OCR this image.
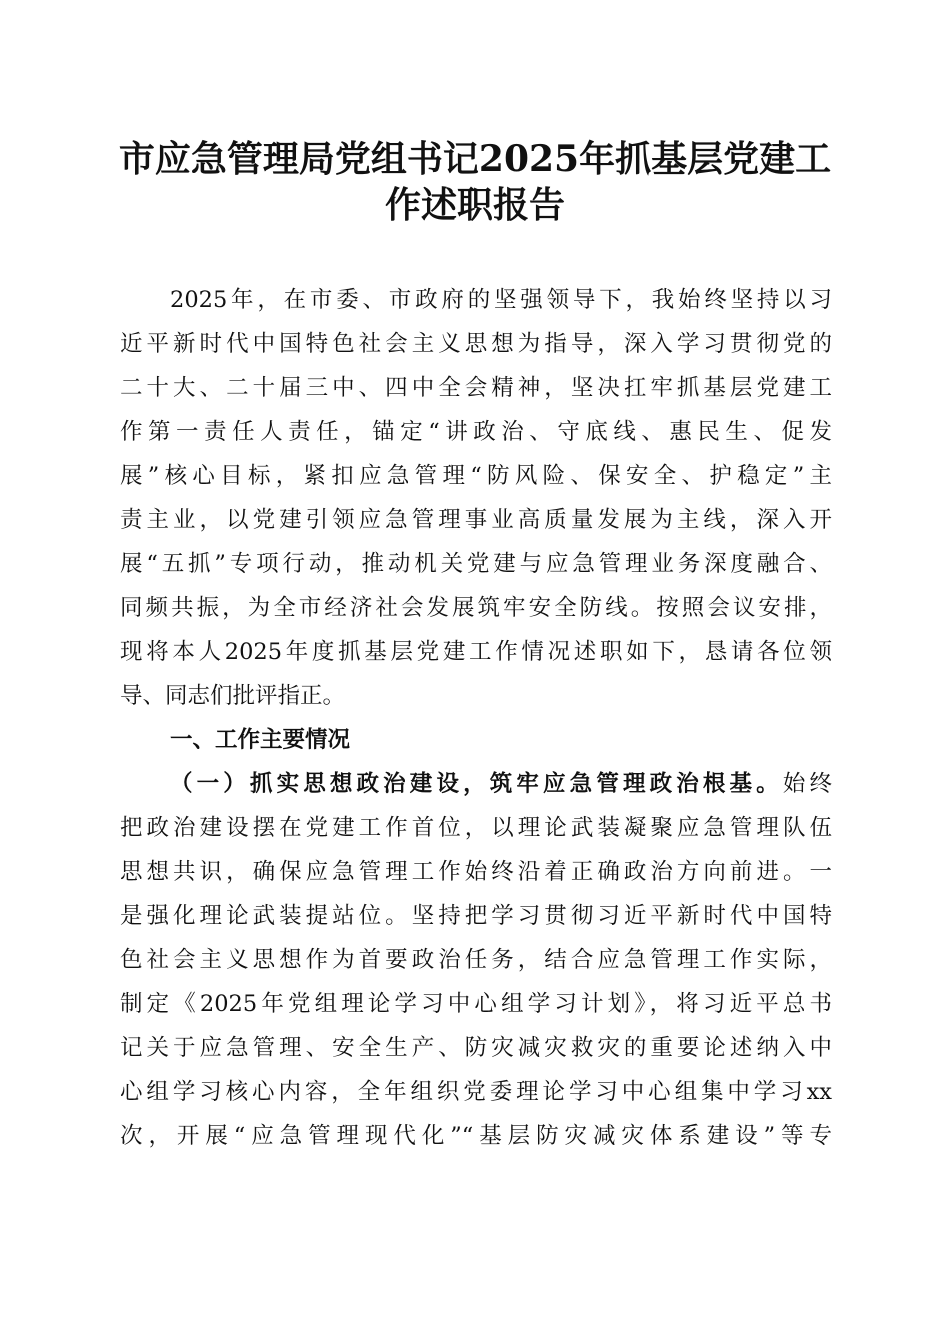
市应急管理局党组书记2025年抓基层党建工
作述职报告
2025年，在市委、市政府的坚强领导下，我始终坚持以习
近平新时代中国特色社会主义思想为指导，深入学习贯彻党的
二十大、二十届三中、四中全会精神，坚决扛牢抓基层党建工
作第一责任人责任，锚定“讲政治、守底线、惠民生、促发
展”核心目标，紧扣应急管理“防风险、保安全、护稳定”主
责主业，以党建引领应急管理事业高质量发展为主线，深入开
展“五抓”专项行动，推动机关党建与应急管理业务深度融合、
同频共振，为全市经济社会发展筑牢安全防线。按照会议安排，
现将本人2025年度抓基层党建工作情况述职如下，恳请各位领
导、同志们批评指正。
一、工作主要情况
（一）抓实思想政治建设，筑牢应急管理政治根基。始终
把政治建设摆在党建工作首位，以理论武装凝聚应急管理队伍
思想共识，确保应急管理工作始终沿着正确政治方向前进。一
是强化理论武装提站位。坚持把学习贯彻习近平新时代中国特
色社会主义思想作为首要政治任务，结合应急管理工作实际，
制定《2025年党组理论学习中心组学习计划》，将习近平总书
记关于应急管理、安全生产、防灾减灾救灾的重要论述纳入中
心组学习核心内容，全年组织党委理论学习中心组集中学习xx
次，开展“应急管理现代化”“基层防灾减灾体系建设”等专
